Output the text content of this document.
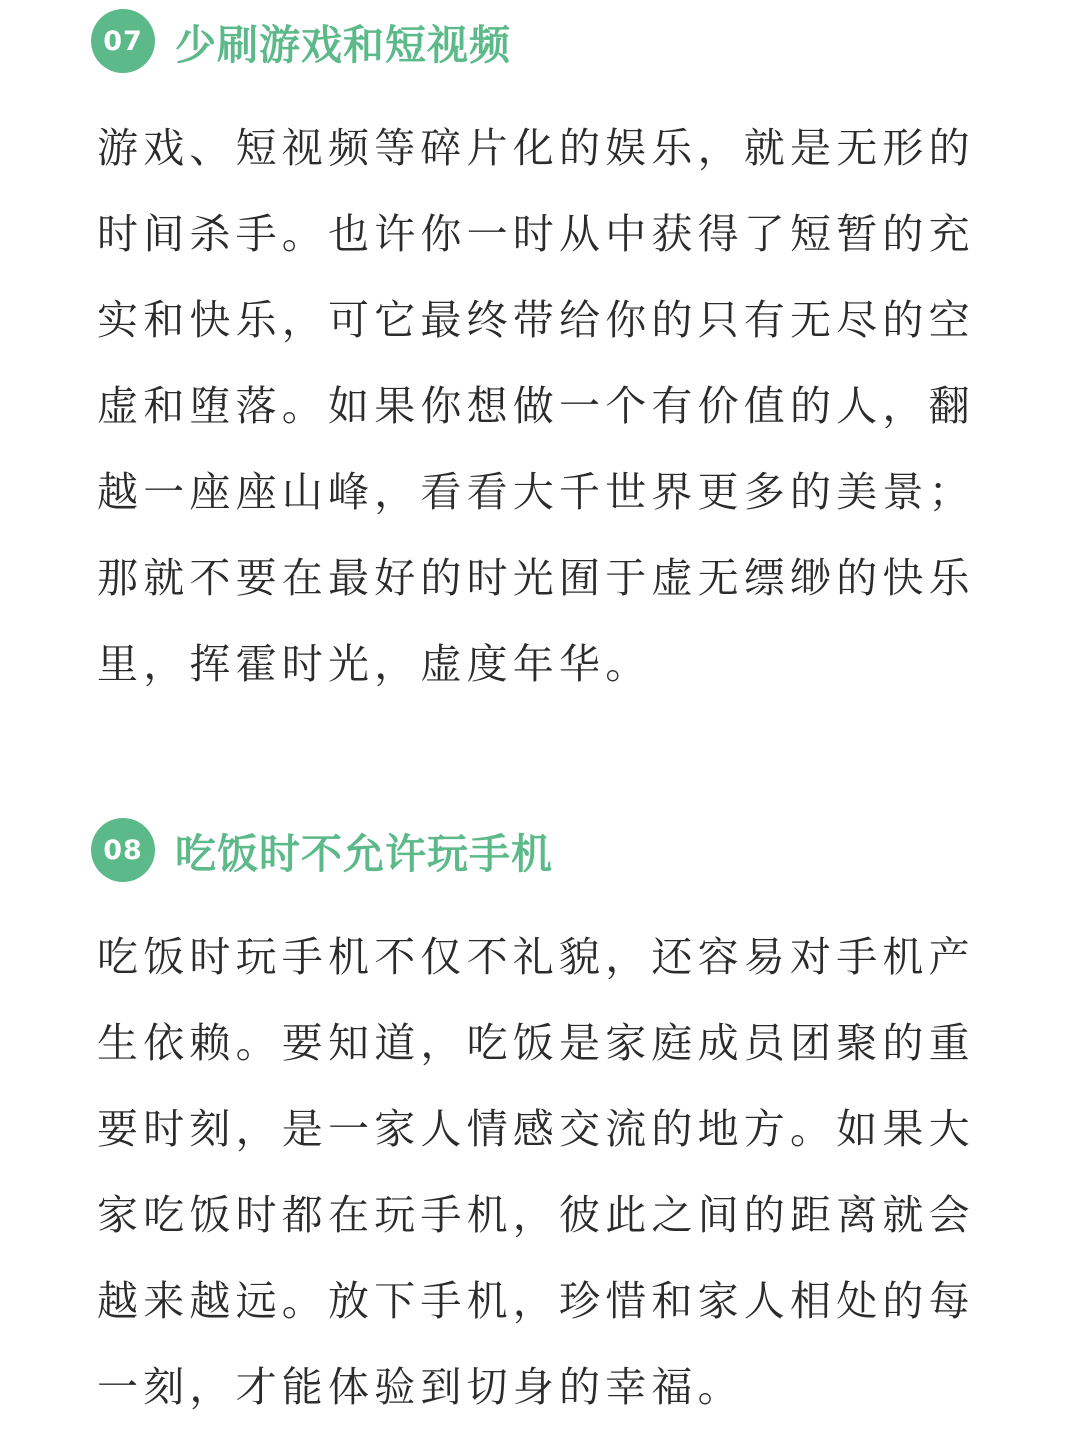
07 少刷游戏和短视频
游戏、短视频等碎片化的娱乐，就是无形的
时间杀手。也许你一时从中获得了短暂的充
实和快乐，可它最终带给你的只有无尽的空
虚和堕落。如果你想做一个有价值的人，翻
越一座座山峰，看看大千世界更多的美景；
那就不要在最好的时光囿于虚无缥缈的快乐
里，挥霍时光，虚度年华。
08 吃饭时不允许玩手机
吃饭时玩手机不仅不礼貌，还容易对手机产
生依赖。要知道，吃饭是家庭成员团聚的重
要时刻，是一家人情感交流的地方。如果大
家吃饭时都在玩手机，彼此之间的距离就会
越来越远。放下手机，珍惜和家人相处的每
一刻，才能体验到切身的幸福。
